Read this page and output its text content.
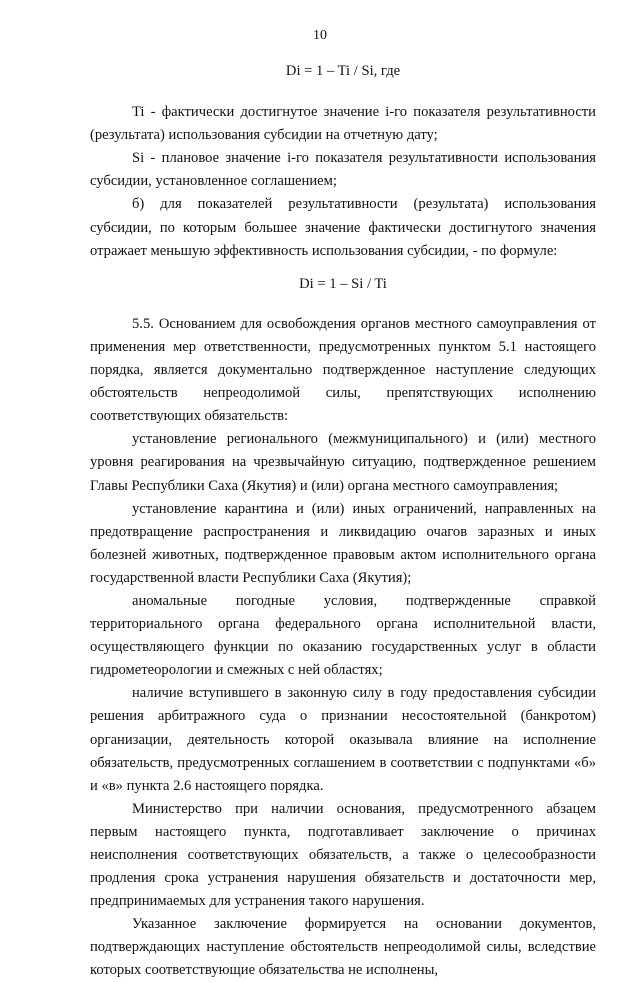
10

Di = 1 – Ti / Si, где

Ti - фактически достигнутое значение i-го показателя результативности (результата) использования субсидии на отчетную дату;

Si - плановое значение i-го показателя результативности использования субсидии, установленное соглашением;

б) для показателей результативности (результата) использования субсидии, по которым большее значение фактически достигнутого значения отражает меньшую эффективность использования субсидии, - по формуле:

Di = 1 – Si / Ti

5.5. Основанием для освобождения органов местного самоуправления от применения мер ответственности, предусмотренных пунктом 5.1 настоящего порядка, является документально подтвержденное наступление следующих обстоятельств непреодолимой силы, препятствующих исполнению соответствующих обязательств:

установление регионального (межмуниципального) и (или) местного уровня реагирования на чрезвычайную ситуацию, подтвержденное решением Главы Республики Саха (Якутия) и (или) органа местного самоуправления;

установление карантина и (или) иных ограничений, направленных на предотвращение распространения и ликвидацию очагов заразных и иных болезней животных, подтвержденное правовым актом исполнительного органа государственной власти Республики Саха (Якутия);

аномальные погодные условия, подтвержденные справкой территориального органа федерального органа исполнительной власти, осуществляющего функции по оказанию государственных услуг в области гидрометеорологии и смежных с ней областях;

наличие вступившего в законную силу в году предоставления субсидии решения арбитражного суда о признании несостоятельной (банкротом) организации, деятельность которой оказывала влияние на исполнение обязательств, предусмотренных соглашением в соответствии с подпунктами «б» и «в» пункта 2.6 настоящего порядка.

Министерство при наличии основания, предусмотренного абзацем первым настоящего пункта, подготавливает заключение о причинах неисполнения соответствующих обязательств, а также о целесообразности продления срока устранения нарушения обязательств и достаточности мер, предпринимаемых для устранения такого нарушения.

Указанное заключение формируется на основании документов, подтверждающих наступление обстоятельств непреодолимой силы, вследствие которых соответствующие обязательства не исполнены,
